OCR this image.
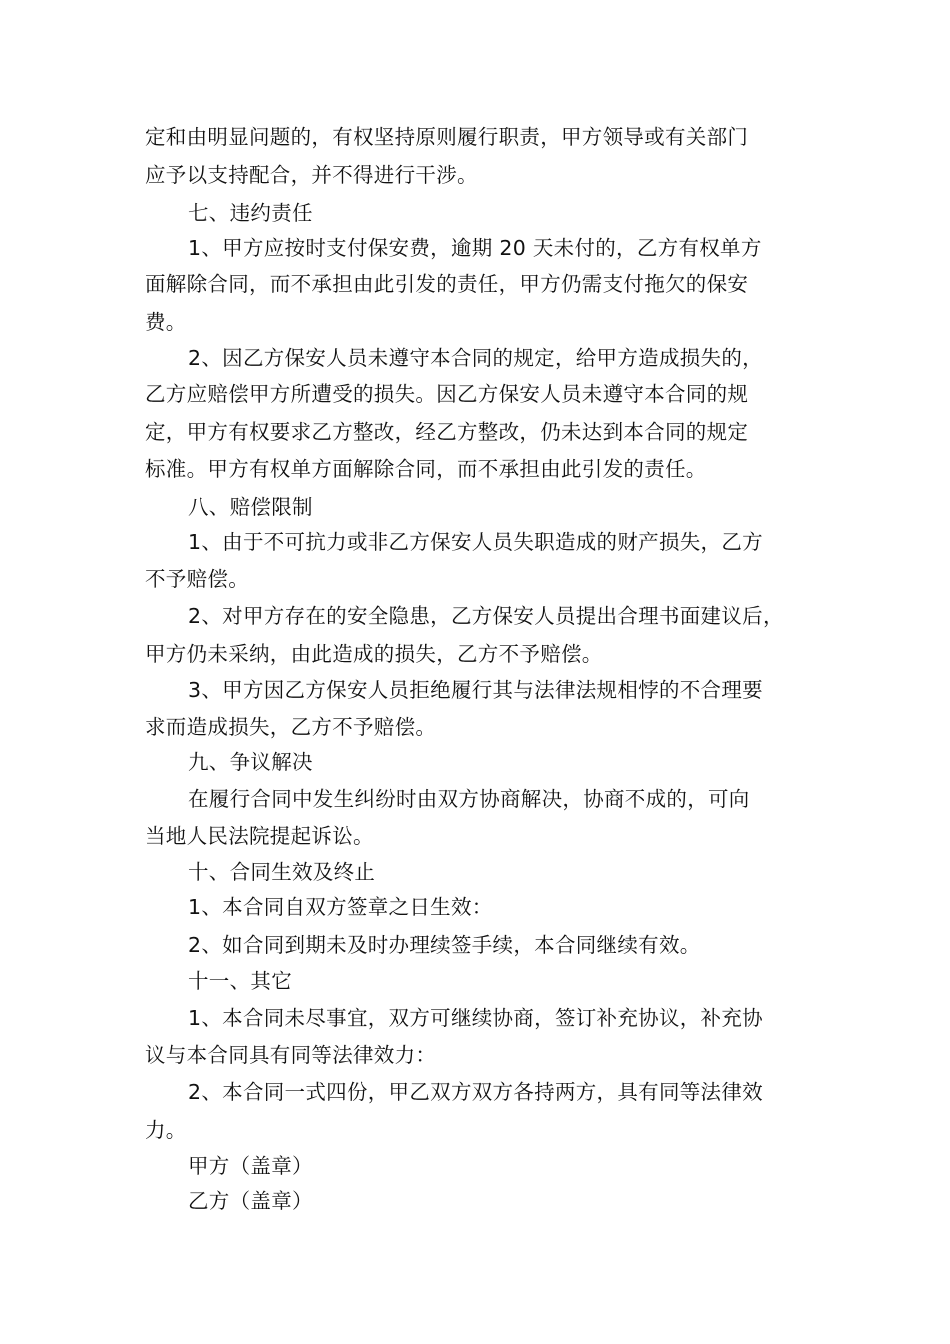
定和由明显问题的，有权坚持原则履行职责，甲方领导或有关部门
应予以支持配合，并不得进行干涉。
七、违约责任
1、甲方应按时支付保安费，逾期 20 天未付的，乙方有权单方
面解除合同，而不承担由此引发的责任，甲方仍需支付拖欠的保安
费。
2、因乙方保安人员未遵守本合同的规定，给甲方造成损失的，
乙方应赔偿甲方所遭受的损失。因乙方保安人员未遵守本合同的规
定，甲方有权要求乙方整改，经乙方整改，仍未达到本合同的规定
标准。甲方有权单方面解除合同，而不承担由此引发的责任。
八、赔偿限制
1、由于不可抗力或非乙方保安人员失职造成的财产损失，乙方
不予赔偿。
2、对甲方存在的安全隐患，乙方保安人员提出合理书面建议后，
甲方仍未采纳，由此造成的损失，乙方不予赔偿。
3、甲方因乙方保安人员拒绝履行其与法律法规相悖的不合理要
求而造成损失，乙方不予赔偿。
九、争议解决
在履行合同中发生纠纷时由双方协商解决，协商不成的，可向
当地人民法院提起诉讼。
十、合同生效及终止
1、本合同自双方签章之日生效：
2、如合同到期未及时办理续签手续，本合同继续有效。
十一、其它
1、本合同未尽事宜，双方可继续协商，签订补充协议，补充协
议与本合同具有同等法律效力：
2、本合同一式四份，甲乙双方双方各持两方，具有同等法律效
力。
甲方（盖章）
乙方（盖章）
